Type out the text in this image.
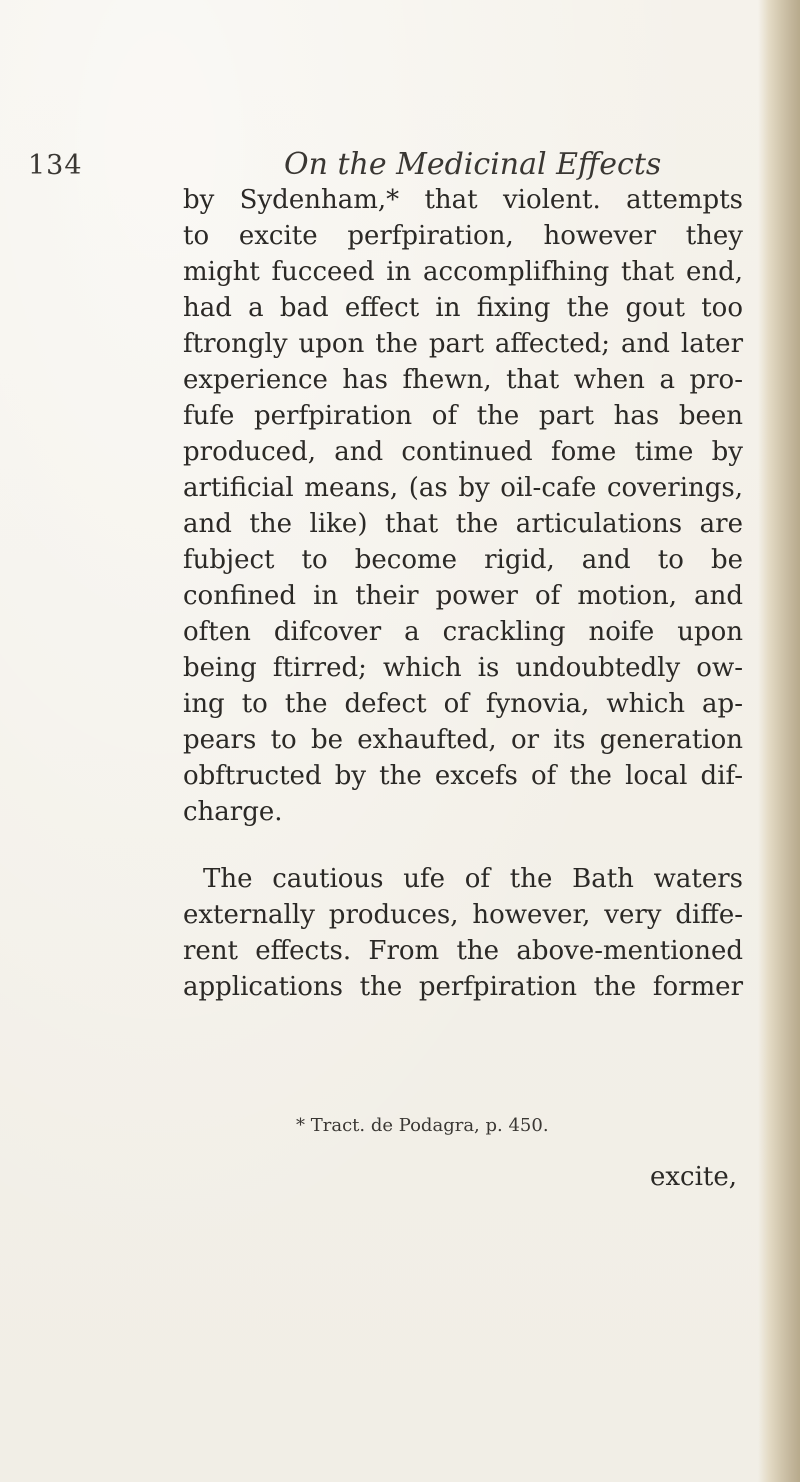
134	On the Medicinal Effects
by Sydenham,* that violent. attempts
to excite perfpiration, however they
might fucceed in accomplifhing that end,
had a bad effect in fixing the gout too
ftrongly upon the part affected; and later
experience has fhewn, that when a pro-
fufe perfpiration of the part has been
produced, and continued fome time by
artificial means, (as by oil-cafe coverings,
and the like) that the articulations are
fubject to become rigid, and to be
confined in their power of motion, and
often difcover a crackling noife upon
being ftirred; which is undoubtedly ow-
ing to the defect of fynovia, which ap-
pears to be exhaufted, or its generation
obftructed by the excefs of the local dif-
charge.
The cautious ufe of the Bath waters
externally produces, however, very diffe-
rent effects. From the above-mentioned
applications the perfpiration the former
* Tract. de Podagra, p. 450.
excite,
